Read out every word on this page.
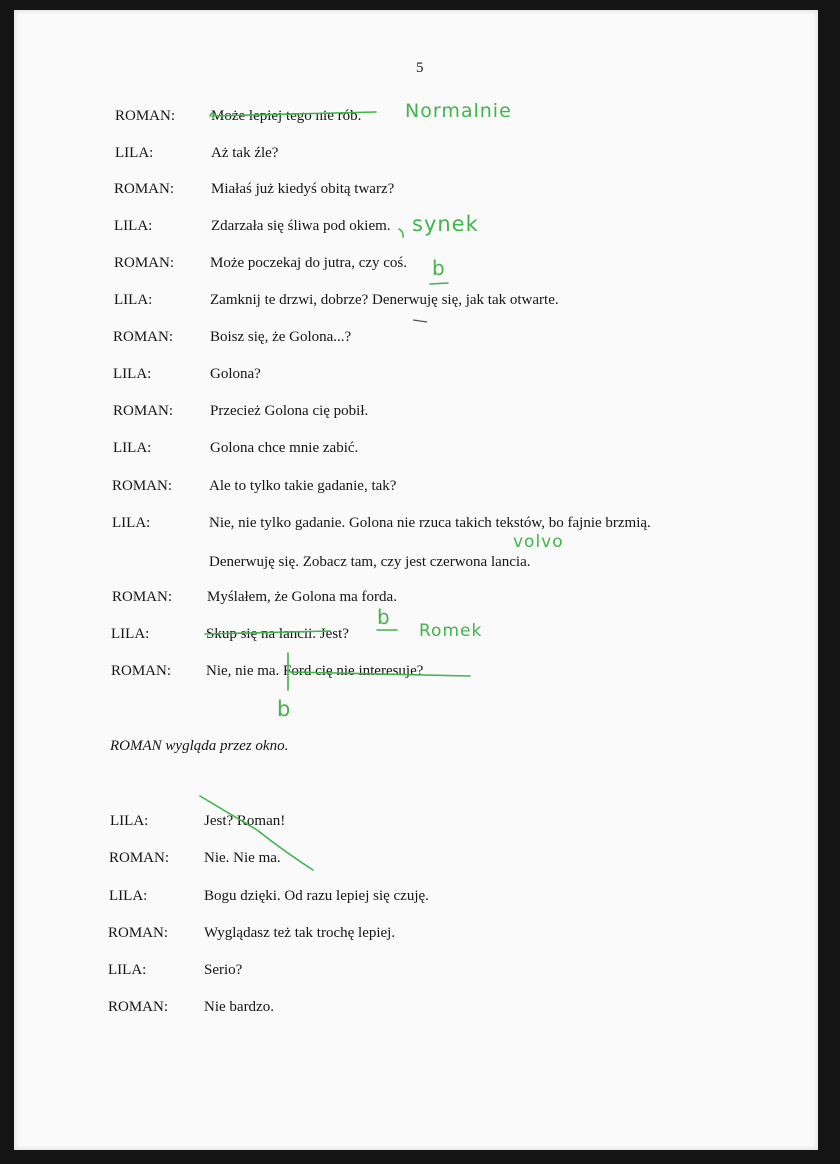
5
ROMAN: Może lepiej tego nie rób.
LILA:	Aż tak źle?
ROMAN: Miałaś już kiedyś obitą twarz?
LILA:	Zdarzała się śliwa pod okiem.
ROMAN: Może poczekaj do jutra, czy coś.
LILA:	Zamknij te drzwi, dobrze? Denerwuję się, jak tak otwarte.
ROMAN: Boisz się, że Golona...?
LILA:	Golona?
ROMAN: Przecież Golona cię pobił.
LILA:	Golona chce mnie zabić.
ROMAN: Ale to tylko takie gadanie, tak?
LILA:	Nie, nie tylko gadanie. Golona nie rzuca takich tekstów, bo fajnie brzmią.
Denerwuję się. Zobacz tam, czy jest czerwona lancia.
ROMAN: Myślałem, że Golona ma forda.
LILA:	Skup się na lancii. Jest?
ROMAN: Nie, nie ma. Ford cię nie interesuje?
ROMAN wygląda przez okno.
LILA:	Jest? Roman!
ROMAN: Nie. Nie ma.
LILA:	Bogu dzięki. Od razu lepiej się czuję.
ROMAN: Wyglądasz też tak trochę lepiej.
LILA:	Serio?
ROMAN: Nie bardzo.
Normalnie
synek
b
volvo
b
Romek
b
